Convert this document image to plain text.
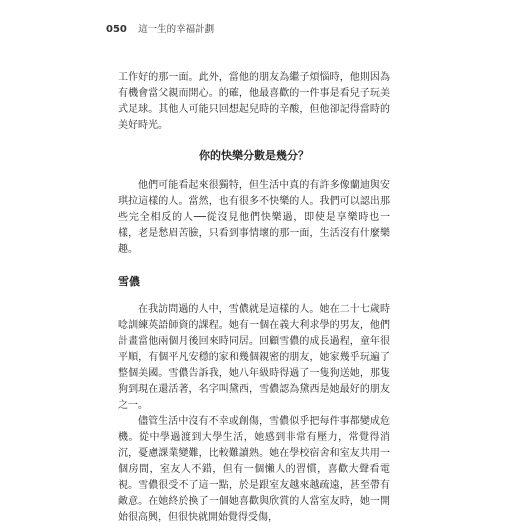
050 這一生的幸福計劃

工作好的那一面。此外，當他的朋友為繼子煩惱時，他則因為有機會當父親而開心。的確，他最喜歡的一件事是看兒子玩美式足球。其他人可能只回想起兒時的辛酸，但他卻記得當時的美好時光。

你的快樂分數是幾分？

他們可能看起來很獨特，但生活中真的有許多像蘭迪與安琪拉這樣的人。當然，也有很多不快樂的人。我們可以認出那些完全相反的人──從沒見他們快樂過，即使是享樂時也一樣，老是愁眉苦臉，只看到事情壞的那一面，生活沒有什麼樂趣。

雪儂

在我訪問過的人中，雪儂就是這樣的人。她在二十七歲時唸訓練英語師資的課程。她有一個在義大利求學的男友，他們計畫當他兩個月後回來時同居。回顧雪儂的成長過程，童年很平順，有個平凡安穩的家和幾個親密的朋友，她家幾乎玩遍了整個美國。雪儂告訴我，她八年級時得過了一隻狗送她，那隻狗到現在還活著，名字叫黛西，雪儂認為黛西是她最好的朋友之一。

儘管生活中沒有不幸或創傷，雪儂似乎把每件事都變成危機。從中學過渡到大學生活，她感到非常有壓力，常覺得消沉，憂慮課業變難，比較難讀熟。她在學校宿舍和室友共用一個房間，室友人不錯，但有一個懶人的習慣，喜歡大聲看電視。雪儂很受不了這一點，於是跟室友越來越疏遠，甚至帶有敵意。在她終於換了一個她喜歡與欣賞的人當室友時，她一開始很高興，但很快就開始覺得受傷，
